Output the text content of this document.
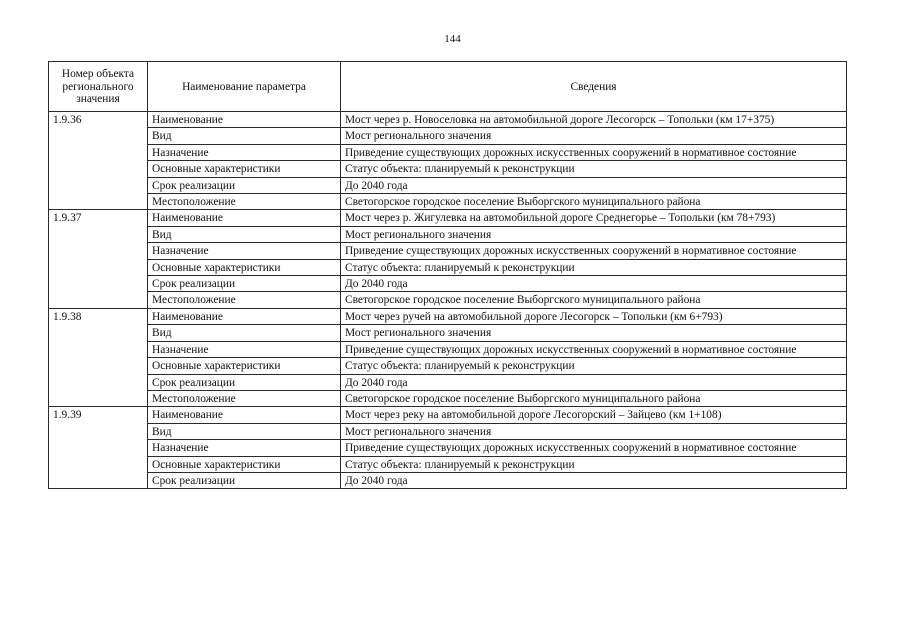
144
Номер объекта регионального значения	Наименование параметра	Сведения
1.9.36	Наименование	Мост через р. Новоселовка на автомобильной дороге Лесогорск – Топольки (км 17+375)
	Вид	Мост регионального значения
	Назначение	Приведение существующих дорожных искусственных сооружений в нормативное состояние
	Основные характеристики	Статус объекта: планируемый к реконструкции
	Срок реализации	До 2040 года
	Местоположение	Светогорское городское поселение Выборгского муниципального района
1.9.37	Наименование	Мост через р. Жигулевка на автомобильной дороге Среднегорье – Топольки (км 78+793)
	Вид	Мост регионального значения
	Назначение	Приведение существующих дорожных искусственных сооружений в нормативное состояние
	Основные характеристики	Статус объекта: планируемый к реконструкции
	Срок реализации	До 2040 года
	Местоположение	Светогорское городское поселение Выборгского муниципального района
1.9.38	Наименование	Мост через ручей на автомобильной дороге Лесогорск – Топольки (км 6+793)
	Вид	Мост регионального значения
	Назначение	Приведение существующих дорожных искусственных сооружений в нормативное состояние
	Основные характеристики	Статус объекта: планируемый к реконструкции
	Срок реализации	До 2040 года
	Местоположение	Светогорское городское поселение Выборгского муниципального района
1.9.39	Наименование	Мост через реку на автомобильной дороге Лесогорский – Зайцево (км 1+108)
	Вид	Мост регионального значения
	Назначение	Приведение существующих дорожных искусственных сооружений в нормативное состояние
	Основные характеристики	Статус объекта: планируемый к реконструкции
	Срок реализации	До 2040 года
